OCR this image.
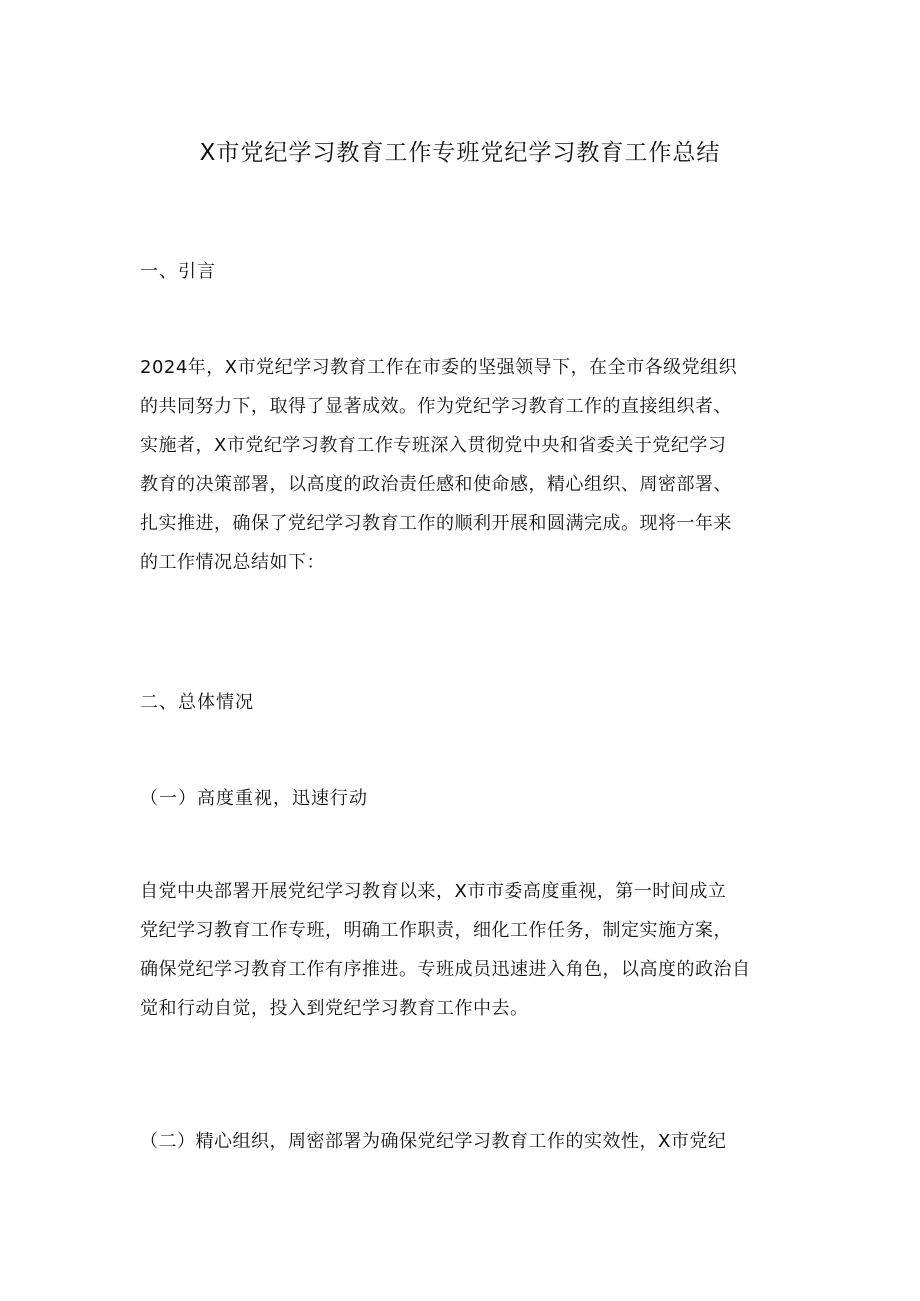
X市党纪学习教育工作专班党纪学习教育工作总结
一、引言

2024年，X市党纪学习教育工作在市委的坚强领导下，在全市各级党组织
的共同努力下，取得了显著成效。作为党纪学习教育工作的直接组织者、
实施者，X市党纪学习教育工作专班深入贯彻党中央和省委关于党纪学习
教育的决策部署，以高度的政治责任感和使命感，精心组织、周密部署、
扎实推进，确保了党纪学习教育工作的顺利开展和圆满完成。现将一年来
的工作情况总结如下：

二、总体情况
（一）高度重视，迅速行动

自党中央部署开展党纪学习教育以来，X市市委高度重视，第一时间成立
党纪学习教育工作专班，明确工作职责，细化工作任务，制定实施方案，
确保党纪学习教育工作有序推进。专班成员迅速进入角色，以高度的政治自
觉和行动自觉，投入到党纪学习教育工作中去。

（二）精心组织，周密部署为确保党纪学习教育工作的实效性，X市党纪
